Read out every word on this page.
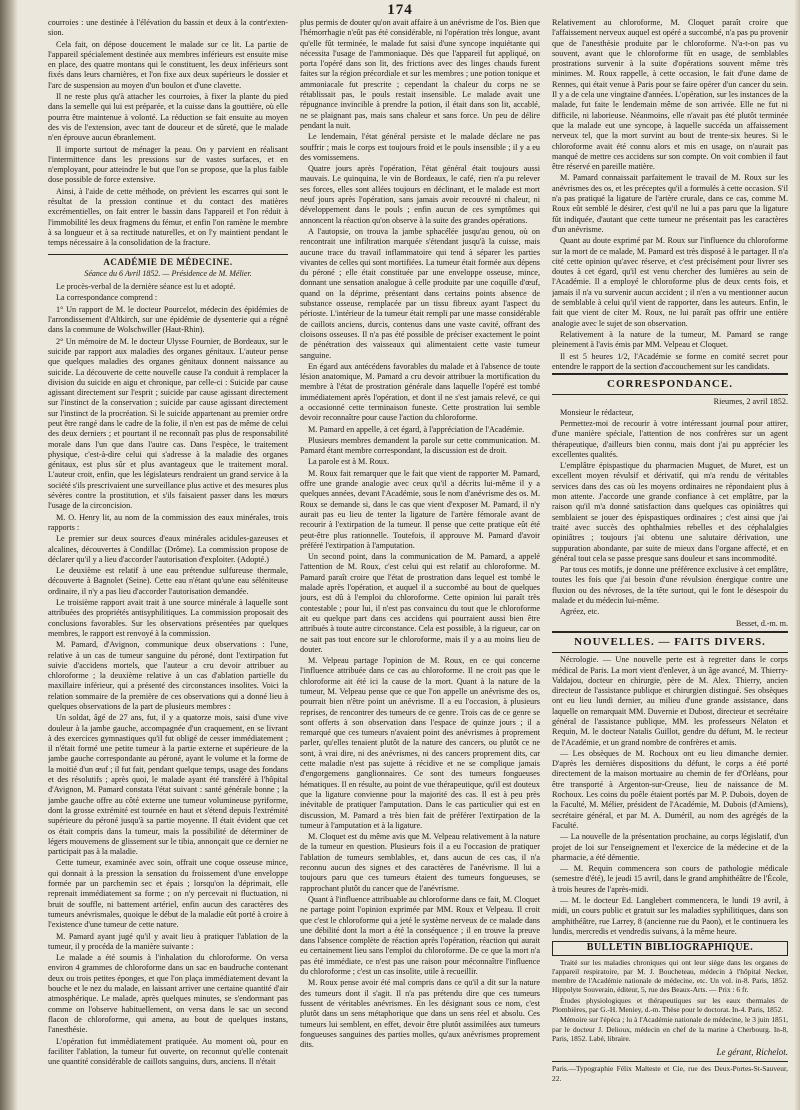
174

courroies : une destinée à l'élévation du bassin et deux à la contr'exten- sion.

Cela fait, on dépose doucement le malade sur ce lit. La partie de l'appareil spécialement destinée aux membres inférieurs est ensuite mise en place, des quatre montans qui le constituent, les deux inférieurs sont fixés dans leurs charnières, et l'on fixe aux deux supérieurs le dossier et l'arc de suspension au moyen d'un boulon et d'une clavette.

Il ne reste plus qu'à attacher les courroies, à fixer la plante du pied dans la semelle qui lui est préparée, et la cuisse dans la gouttière, où elle pourra être maintenue à volonté. La réduction se fait ensuite au moyen des vis de l'extension, avec tant de douceur et de sûreté, que le malade n'en éprouve aucun ébranlement.

Il importe surtout de ménager la peau. On y parvient en réalisant l'intermittence dans les pressions sur de vastes surfaces, et en n'employant, pour atteindre le but que l'on se propose, que la plus faible dose possible de force extensive.

Ainsi, à l'aide de cette méthode, on prévient les escarres qui sont le résultat de la pression continue et du contact des matières excrémentielles, on fait entrer le bassin dans l'appareil et l'on réduit à l'immobilité les deux fragmens du fémur, et enfin l'on ramène le membre à sa longueur et à sa rectitude naturelles, et on l'y maintient pendant le temps nécessaire à la consolidation de la fracture.

ACADÉMIE DE MÉDECINE.
Séance du 6 Avril 1852. — Présidence de M. Mélier.

Le procès-verbal de la dernière séance est lu et adopté.

La correspondance comprend :

1° Un rapport de M. le docteur Pourcelot, médecin des épidémies de l'arrondissement d'Altkirch, sur une épidémie de dysenterie qui a régné dans la commune de Wolschwiller (Haut-Rhin).

2° Un mémoire de M. le docteur Ulysse Fournier, de Bordeaux, sur le suicide par rapport aux maladies des organes génitaux. L'auteur pense que quelques maladies des organes génitaux donnent naissance au suicide. La découverte de cette nouvelle cause l'a conduit à remplacer la division du suicide en aigu et chronique, par celle-ci : Suicide par cause agissant directement sur l'esprit ; suicide par cause agissant directement sur l'instinct de la conservation ; suicide par cause agissant directement sur l'instinct de la procréation. Si le suicide appartenant au premier ordre peut être rangé dans le cadre de la folie, il n'en est pas de même de celui des deux derniers ; et pourtant il ne reconnaît pas plus de responsabilité morale dans l'un que dans l'autre cas. Dans l'espèce, le traitement physique, c'est-à-dire celui qui s'adresse à la maladie des organes génitaux, est plus sûr et plus avantageux que le traitement moral. L'auteur croit, enfin, que les législateurs rendraient un grand service à la société s'ils prescrivaient une surveillance plus active et des mesures plus sévères contre la prostitution, et s'ils faisaient passer dans les mœurs l'usage de la circoncision.

M. O. Henry lit, au nom de la commission des eaux minérales, trois rapports :

Le premier sur deux sources d'eaux minérales acidules-gazeuses et alcalines, découvertes à Condillac (Drôme). La commission propose de déclarer qu'il y a lieu d'accorder l'autorisation d'exploiter. (Adopté.)

Le deuxième est relatif à une eau prétendue sulfureuse thermale, découverte à Bagnolet (Seine). Cette eau n'étant qu'une eau séléniteuse ordinaire, il n'y a pas lieu d'accorder l'autorisation demandée.

Le troisième rapport avait trait à une source minérale à laquelle sont attribuées des propriétés antisyphilitiques. La commission proposait des conclusions favorables. Sur les observations présentées par quelques membres, le rapport est renvoyé à la commission.

M. Pamard, d'Avignon, communique deux observations : l'une, relative à un cas de tumeur sanguine du péroné, dont l'extirpation fut suivie d'accidens mortels, que l'auteur a cru devoir attribuer au chloroforme ; la deuxième relative à un cas d'ablation partielle du maxillaire inférieur, qui a présenté des circonstances insolites. Voici la relation sommaire de la première de ces observations qui a donné lieu à quelques observations de la part de plusieurs membres :

Un soldat, âgé de 27 ans, fut, il y a quatorze mois, saisi d'une vive douleur à la jambe gauche, accompagnée d'un craquement, en se livrant à des exercices gymnastiques qu'il fut obligé de cesser immédiatement ; il n'était formé une petite tumeur à la partie externe et supérieure de la jambe gauche correspondante au péroné, ayant le volume et la forme de la moitié d'un œuf ; il fut fait, pendant quelque temps, usage des fondans et des résolutifs ; après quoi, le malade ayant été transféré à l'hôpital d'Avignon, M. Pamard constata l'état suivant : santé générale bonne ; la jambe gauche offre au côté externe une tumeur volumineuse pyriforme, dont la grosse extrémité est tournée en haut et s'étend depuis l'extrémité supérieure du péroné jusqu'à sa partie moyenne. Il était évident que cet os était compris dans la tumeur, mais la possibilité de déterminer de légers mouvemens de glissement sur le tibia, annonçait que ce dernier ne participait pas à la maladie.

Cette tumeur, examinée avec soin, offrait une coque osseuse mince, qui donnait à la pression la sensation du froissement d'une enveloppe formée par un parchemin sec et épais ; lorsqu'on la déprimait, elle reprenait immédiatement sa forme ; on n'y percevait ni fluctuation, ni bruit de souffle, ni battement artériel, enfin aucun des caractères des tumeurs anévrismales, quoique le début de la maladie eût porté à croire à l'existence d'une tumeur de cette nature.

M. Pamard ayant jugé qu'il y avait lieu à pratiquer l'ablation de la tumeur, il y procéda de la manière suivante :

Le malade a été soumis à l'inhalation du chloroforme. On versa environ 4 grammes de chloroforme dans un sac en baudruche contenant deux ou trois petites éponges, et que l'on plaça immédiatement devant la bouche et le nez du malade, en laissant arriver une certaine quantité d'air atmosphérique. Le malade, après quelques minutes, se s'endormant pas comme on l'observe habituellement, on versa dans le sac un second flacon de chloroforme, qui amena, au bout de quelques instans, l'anesthésie.

L'opération fut immédiatement pratiquée. Au moment où, pour en faciliter l'ablation, la tumeur fut ouverte, on reconnut qu'elle contenait une quantité considérable de caillots sanguins, durs, anciens. Il n'était

plus permis de douter qu'on avait affaire à un anévrisme de l'os. Bien que l'hémorrhagie n'eût pas été considérable, ni l'opération très longue, avant qu'elle fût terminée, le malade fut saisi d'une syncope inquiétante qui nécessita l'usage de l'ammoniaque. Dès que l'appareil fut appliqué, on porta l'opéré dans son lit, des frictions avec des linges chauds furent faites sur la région précordiale et sur les membres ; une potion tonique et ammoniacale fut prescrite ; cependant la chaleur du corps ne se rétablissait pas, le pouls restait insensible. Le malade avait une répugnance invincible à prendre la potion, il était dans son lit, accablé, ne se plaignant pas, mais sans chaleur et sans force. Un peu de délire pendant la nuit.

Le lendemain, l'état général persiste et le malade déclare ne pas souffrir ; mais le corps est toujours froid et le pouls insensible ; il y a eu des vomissemens.

Quatre jours après l'opération, l'état général était toujours aussi mauvais. Le quinquina, le vin de Bordeaux, le café, rien n'a pu relever ses forces, elles sont allées toujours en déclinant, et le malade est mort neuf jours après l'opération, sans jamais avoir recouvré ni chaleur, ni développement dans le pouls ; enfin aucun de ces symptômes qui annoncent la réaction qu'on observe à la suite des grandes opérations.

A l'autopsie, on trouva la jambe sphacélée jusqu'au genou, où on rencontrait une infiltration marquée s'étendant jusqu'à la cuisse, mais aucune trace du travail inflammatoire qui tend à séparer les parties vivantes de celles qui sont mortifiées. La tumeur était formée aux dépens du péroné ; elle était constituée par une enveloppe osseuse, mince, donnant une sensation analogue à celle produite par une coquille d'œuf, quand on la déprime, présentant dans certains points absence de substance osseuse, remplacée par un tissu fibreux ayant l'aspect du périoste. L'intérieur de la tumeur était rempli par une masse considérable de caillots anciens, durcis, contenus dans une vaste cavité, offrant des cloisons osseuses. Il n'a pas été possible de préciser exactement le point de pénétration des vaisseaux qui alimentaient cette vaste tumeur sanguine.

En égard aux antécédens favorables du malade et à l'absence de toute lésion anatomique, M. Pamard a cru devoir attribuer la mortification du membre à l'état de prostration générale dans laquelle l'opéré est tombé immédiatement après l'opération, et dont il ne s'est jamais relevé, ce qui a occasionné cette terminaison funeste. Cette prostration lui semble devoir reconnaître pour cause l'action du chloroforme.

M. Pamard en appelle, à cet égard, à l'appréciation de l'Académie.

Plusieurs membres demandent la parole sur cette communication. M. Pamard étant membre correspondant, la discussion est de droit.

La parole est à M. Roux.

M. Roux fait remarquer que le fait que vient de rapporter M. Pamard, offre une grande analogie avec ceux qu'il a décrits lui-même il y a quelques années, devant l'Académie, sous le nom d'anévrisme des os. M. Roux se demande si, dans le cas que vient d'exposer M. Pamard, il n'y aurait pas eu lieu de tenter la ligature de l'artère fémorale avant de recourir à l'extirpation de la tumeur. Il pense que cette pratique eût été peut-être plus rationnelle. Toutefois, il approuve M. Pamard d'avoir préféré l'extirpation à l'amputation.

Un second point, dans la communication de M. Pamard, a appelé l'attention de M. Roux, c'est celui qui est relatif au chloroforme. M. Pamard paraît croire que l'état de prostration dans lequel est tombé le malade après l'opération, et auquel il a succombé au bout de quelques jours, est dû à l'emploi du chloroforme. Cette opinion lui paraît très contestable ; pour lui, il n'est pas convaincu du tout que le chloroforme ait eu quelque part dans ces accidens qui pourraient aussi bien être attribués à toute autre circonstance. Cela est possible, à la rigueur, car on ne sait pas tout encore sur le chloroforme, mais il y a au moins lieu de douter.

M. Velpeau partage l'opinion de M. Roux, en ce qui concerne l'influence attribuée dans ce cas au chloroforme. Il ne croit pas que le chloroforme ait été ici la cause de la mort. Quant à la nature de la tumeur, M. Velpeau pense que ce que l'on appelle un anévrisme des os, pourrait bien n'être point un anévrisme. Il a eu l'occasion, à plusieurs reprises, de rencontrer des tumeurs de ce genre. Trois cas de ce genre se sont offerts à son observation dans l'espace de quinze jours ; il a remarqué que ces tumeurs n'avaient point des anévrismes à proprement parler, qu'elles tenaient plutôt de la nature des cancers, ou plutôt ce ne sont, à vrai dire, ni des anévrismes, ni des cancers proprement dits, car cette maladie n'est pas sujette à récidive et ne se complique jamais d'engorgemens ganglionnaires. Ce sont des tumeurs fongueuses hématiques. Il en résulte, au point de vue thérapeutique, qu'il est douteux que la ligature convienne pour la majorité des cas. Il est à peu près inévitable de pratiquer l'amputation. Dans le cas particulier qui est en discussion, M. Pamard a très bien fait de préférer l'extirpation de la tumeur à l'amputation et à la ligature.

M. Cloquet est du même avis que M. Velpeau relativement à la nature de la tumeur en question. Plusieurs fois il a eu l'occasion de pratiquer l'ablation de tumeurs semblables, et, dans aucun de ces cas, il n'a reconnu aucun des signes et des caractères de l'anévrisme. Il lui a toujours paru que ces tumeurs étaient des tumeurs fongueuses, se rapprochant plutôt du cancer que de l'anévrisme.

Quant à l'influence attribuable au chloroforme dans ce fait, M. Cloquet ne partage point l'opinion exprimée par MM. Roux et Velpeau. Il croit que c'est le chloroforme qui a jeté le système nerveux de ce malade dans une débilité dont la mort a été la conséquence ; il en trouve la preuve dans l'absence complète de réaction après l'opération, réaction qui aurait eu certainement lieu sans l'emploi du chloroforme. De ce que la mort n'a pas été immédiate, ce n'est pas une raison pour méconnaître l'influence du chloroforme ; c'est un cas insolite, utile à recueillir.

M. Roux pense avoir été mal compris dans ce qu'il a dit sur la nature des tumeurs dont il s'agit. Il n'a pas prétendu dire que ces tumeurs fussent de véritables anévrismes. En les désignant sous ce nom, c'est plutôt dans un sens métaphorique que dans un sens réel et absolu. Ces tumeurs lui semblent, en effet, devoir être plutôt assimilées aux tumeurs fongueuses sanguines des parties molles, qu'aux anévrismes proprement dits.

Relativement au chloroforme, M. Cloquet paraît croire que l'affaissement nerveux auquel est opéré a succombé, n'a pas pu provenir que de l'anesthésie produite par le chloroforme. N'a-t-on pas vu souvent, avant que le chloroforme fût en usage, de semblables prostrations survenir à la suite d'opérations souvent même très minimes. M. Roux rappelle, à cette occasion, le fait d'une dame de Rennes, qui était venue à Paris pour se faire opérer d'un cancer du sein. Il y a de cela une vingtaine d'années. L'opération, sur les instances de la malade, fut faite le lendemain même de son arrivée. Elle ne fut ni difficile, ni laborieuse. Néanmoins, elle n'avait pas été plutôt terminée que la malade eut une syncope, à laquelle succéda un affaissement nerveux tel, que la mort survint au bout de trente-six heures. Si le chloroforme avait été connu alors et mis en usage, on n'aurait pas manqué de mettre ces accidens sur son compte. On voit combien il faut être réservé en pareille matière.

M. Pamard connaissait parfaitement le travail de M. Roux sur les anévrismes des os, et les préceptes qu'il a formulés à cette occasion. S'il n'a pas pratiqué la ligature de l'artère crurale, dans ce cas, comme M. Roux eût semblé le désirer, c'est qu'il ne lui a pas paru que la ligature fût indiquée, d'autant que cette tumeur ne présentait pas les caractères d'un anévrisme.

Quant au doute exprimé par M. Roux sur l'influence du chloroforme sur la mort de ce malade, M. Pamard est très disposé à le partager. Il n'a cité cette opinion qu'avec réserve, et c'est précisément pour livrer ses doutes à cet égard, qu'il est venu chercher des lumières au sein de l'Académie. Il a employé le chloroforme plus de deux cents fois, et jamais il n'a vu survenir aucun accident ; il n'en a vu mentionner aucun de semblable à celui qu'il vient de rapporter, dans les auteurs. Enfin, le fait que vient de citer M. Roux, ne lui paraît pas offrir une entière analogie avec le sujet de son observation.

Relativement à la nature de la tumeur, M. Pamard se range pleinement à l'avis émis par MM. Velpeau et Cloquet.

Il est 5 heures 1/2, l'Académie se forme en comité secret pour entendre le rapport de la section d'accouchement sur les candidats.

CORRESPONDANCE.
Rieumes, 2 avril 1852.

Monsieur le rédacteur,

Permettez-moi de recourir à votre intéressant journal pour attirer, d'une manière spéciale, l'attention de nos confrères sur un agent thérapeutique, d'ailleurs bien connu, mais dont j'ai pu apprécier les excellentes qualités.

L'emplâtre épispastique du pharmacien Muguet, de Muret, est un excellent moyen révulsif et dérivatif, qui m'a rendu de véritables services dans des cas où les moyens ordinaires ne répondaient plus à mon attente. J'accorde une grande confiance à cet emplâtre, par la raison qu'il m'a donné satisfaction dans quelques cas opiniâtres qui semblaient se jouer des épispastiques ordinaires ; c'est ainsi que j'ai traité avec succès des ophthalmies rebelles et des céphalalgies opiniâtres ; toujours j'ai obtenu une salutaire dérivation, une suppuration abondante, par suite de mieux dans l'organe affecté, et en général tout cela se passe presque sans douleur et sans incommodité.

Par tous ces motifs, je donne une préférence exclusive à cet emplâtre, toutes les fois que j'ai besoin d'une révulsion énergique contre une fluxion ou des névroses, de la tête surtout, qui le font le désespoir du malade et du médecin lui-même.

Agréez, etc.

Besset, d.-m. m.
NOUVELLES. — FAITS DIVERS.

Nécrologie. — Une nouvelle perte est à regretter dans le corps médical de Paris. La mort vient d'enlever, à un âge avancé, M. Thierry-Valdajou, docteur en chirurgie, père de M. Alex. Thierry, ancien directeur de l'assistance publique et chirurgien distingué. Ses obsèques ont eu lieu lundi dernier, au milieu d'une grande assistance, dans laquelle on remarquait MM. Duvernie et Dubost, directeur et secrétaire général de l'assistance publique, MM. les professeurs Nélaton et Requin, M. le docteur Natalis Guillot, gendre du défunt, M. le recteur de l'Académie, et un grand nombre de confrères et amis.

— Les obsèques de M. Rochoux ont eu lieu dimanche dernier. D'après les dernières dispositions du défunt, le corps a été porté directement de la maison mortuaire au chemin de fer d'Orléans, pour être transporté à Argenton-sur-Creuse, lieu de naissance de M. Rochoux. Les coins du poêle étaient portés par M. P. Dubois, doyen de la Faculté, M. Mélier, président de l'Académie, M. Dubois (d'Amiens), secrétaire général, et par M. A. Duméril, au nom des agrégés de la Faculté.

— La nouvelle de la présentation prochaine, au corps législatif, d'un projet de loi sur l'enseignement et l'exercice de la médecine et de la pharmacie, a été démentie.

— M. Requin commencera son cours de pathologie médicale (semestre d'été), le jeudi 15 avril, dans le grand amphithéâtre de l'École, à trois heures de l'après-midi.

— M. le docteur Ed. Langlebert commencera, le lundi 19 avril, à midi, un cours public et gratuit sur les maladies syphilitiques, dans son amphithéâtre, rue Larrey, 8 (ancienne rue du Paon), et le continuera les lundis, mercredis et vendredis suivans, à la même heure.

BULLETIN BIBLIOGRAPHIQUE.

Traité sur les maladies chroniques qui ont leur siège dans les organes de l'appareil respiratoire, par M. J. Boucheteau, médecin à l'hôpital Necker, membre de l'Académie nationale de médecine, etc. Un vol. in-8. Paris, 1852. Hippolyte Souverain, éditeur, 5, rue des Beaux-Arts. — Prix : 6 fr.

Études physiologiques et thérapeutiques sur les eaux thermales de Plombières, par G.-H. Meniey, d.-m. Thèse pour le doctorat. In-4. Paris, 1852.

Mémoire sur l'épéca ; lu à l'Académie nationale de médecine, le 3 juin 1851, par le docteur J. Delioux, médecin en chef de la marine à Cherbourg. In-8, Paris, 1852. Labé, libraire.

Le gérant, Richelot.
Paris.—Typographie Félix Malteste et Cie, rue des Deux-Portes-St-Sauveur, 22.
